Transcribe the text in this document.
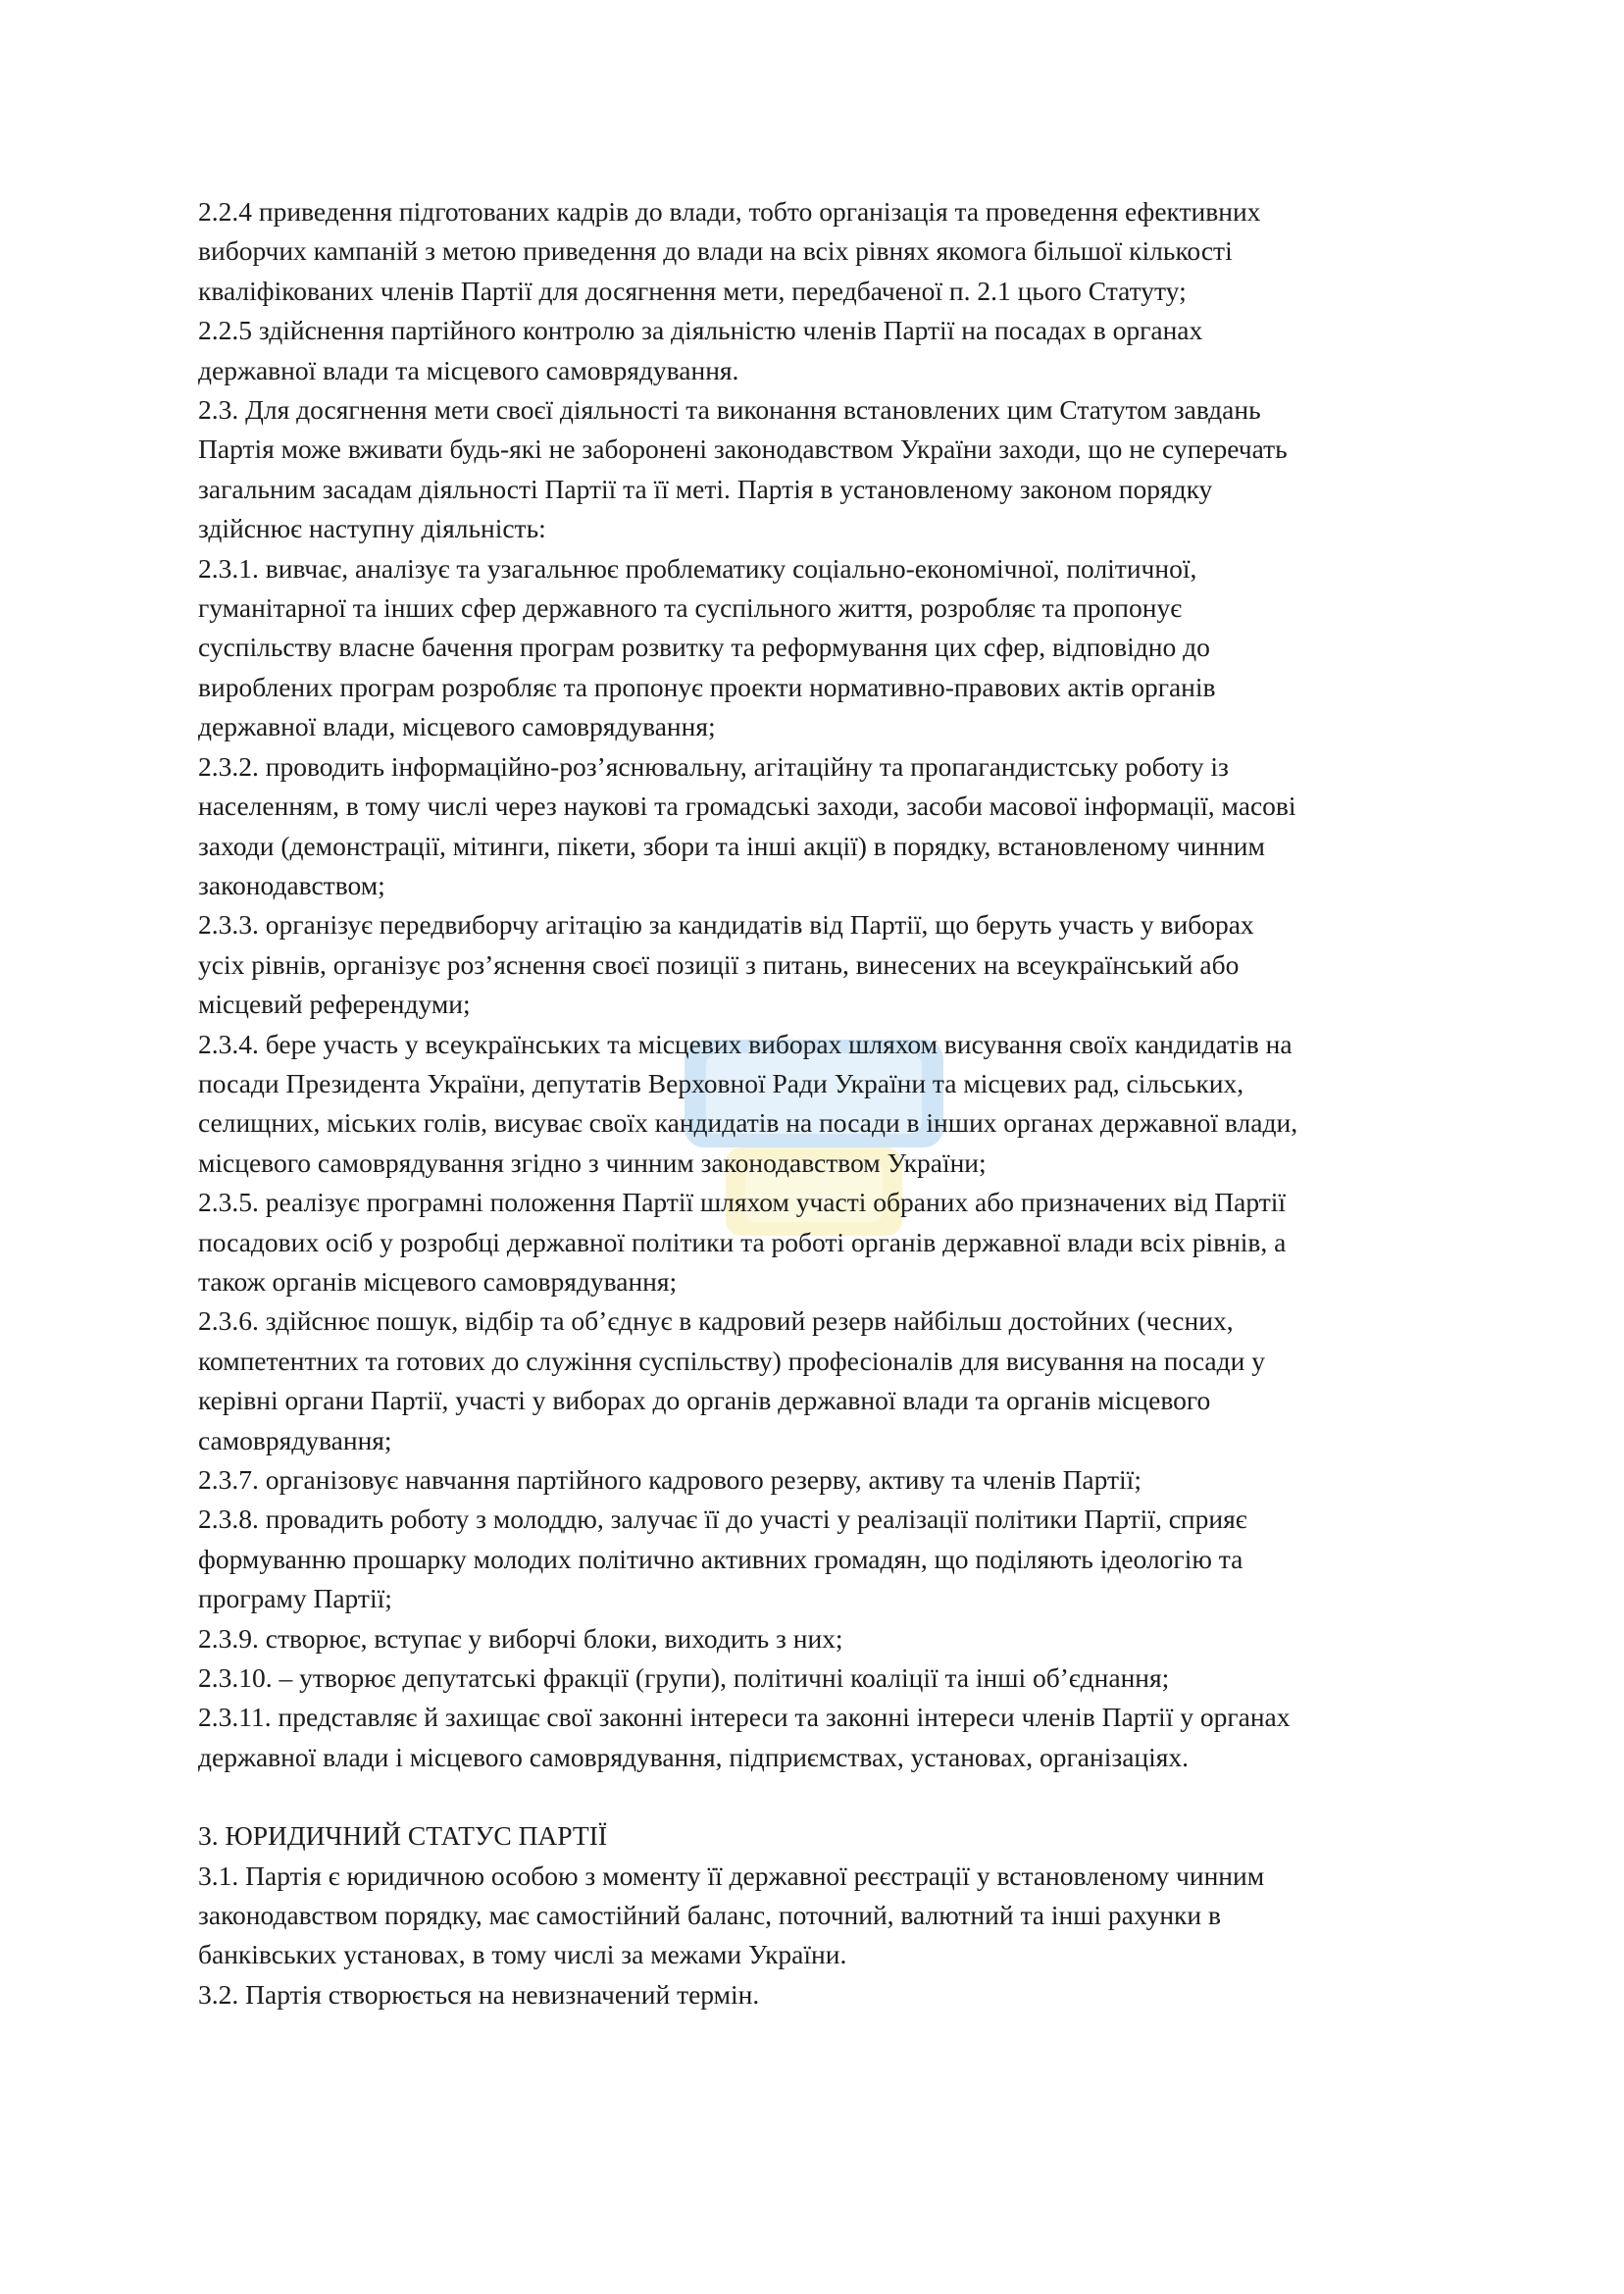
2.2.4 приведення підготованих кадрів до влади, тобто організація та проведення ефективних
виборчих кампаній з метою приведення до влади на всіх рівнях якомога більшої кількості
кваліфікованих членів Партії для досягнення мети, передбаченої п. 2.1 цього Статуту;

2.2.5 здійснення партійного контролю за діяльністю членів Партії на посадах в органах
державної влади та місцевого самоврядування.

2.3. Для досягнення мети своєї діяльності та виконання встановлених цим Статутом завдань
Партія може вживати будь-які не заборонені законодавством України заходи, що не суперечать
загальним засадам діяльності Партії та її меті. Партія в установленому законом порядку
здійснює наступну діяльність:

2.3.1. вивчає, аналізує та узагальнює проблематику соціально-економічної, політичної,
гуманітарної та інших сфер державного та суспільного життя, розробляє та пропонує
суспільству власне бачення програм розвитку та реформування цих сфер, відповідно до
вироблених програм розробляє та пропонує проекти нормативно-правових актів органів
державної влади, місцевого самоврядування;

2.3.2. проводить інформаційно-роз’яснювальну, агітаційну та пропагандистську роботу із
населенням, в тому числі через наукові та громадські заходи, засоби масової інформації, масові
заходи (демонстрації, мітинги, пікети, збори та інші акції) в порядку, встановленому чинним
законодавством;

2.3.3. організує передвиборчу агітацію за кандидатів від Партії, що беруть участь у виборах
усіх рівнів, організує роз’яснення своєї позиції з питань, винесених на всеукраїнський або
місцевий референдуми;

2.3.4. бере участь у всеукраїнських та місцевих виборах шляхом висування своїх кандидатів на
посади Президента України, депутатів Верховної Ради України та місцевих рад, сільських,
селищних, міських голів, висуває своїх кандидатів на посади в інших органах державної влади,
місцевого самоврядування згідно з чинним законодавством України;

2.3.5. реалізує програмні положення Партії шляхом участі обраних або призначених від Партії
посадових осіб у розробці державної політики та роботі органів державної влади всіх рівнів, а
також органів місцевого самоврядування;

2.3.6. здійснює пошук, відбір та об’єднує в кадровий резерв найбільш достойних (чесних,
компетентних та готових до служіння суспільству) професіоналів для висування на посади у
керівні органи Партії, участі у виборах до органів державної влади та органів місцевого
самоврядування;

2.3.7. організовує навчання партійного кадрового резерву, активу та членів Партії;

2.3.8. провадить роботу з молоддю, залучає її до участі у реалізації політики Партії, сприяє
формуванню прошарку молодих політично активних громадян, що поділяють ідеологію та
програму Партії;

2.3.9. створює, вступає у виборчі блоки, виходить з них;

2.3.10. – утворює депутатські фракції (групи), політичні коаліції та інші об’єднання;

2.3.11. представляє й захищає свої законні інтереси та законні інтереси членів Партії у органах
державної влади і місцевого самоврядування, підприємствах, установах, організаціях.

3. ЮРИДИЧНИЙ СТАТУС ПАРТІЇ

3.1. Партія є юридичною особою з моменту її державної реєстрації у встановленому чинним
законодавством порядку, має самостійний баланс, поточний, валютний та інші рахунки в
банківських установах, в тому числі за межами України.

3.2. Партія створюється на невизначений термін.
